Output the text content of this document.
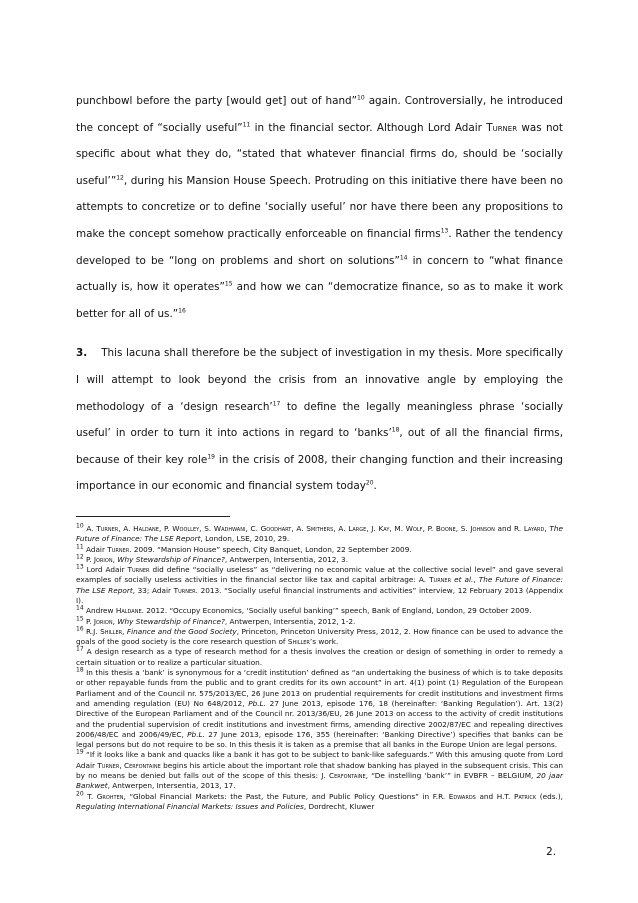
punchbowl before the party [would get] out of hand”$^{10}$ again. Controversially, he introduced the concept of “socially useful”$^{11}$ in the financial sector. Although Lord Adair Turner was not specific about what they do, “stated that whatever financial firms do, should be ‘socially useful’”$^{12}$, during his Mansion House Speech. Protruding on this initiative there have been no attempts to concretize or to define ‘socially useful’ nor have there been any propositions to make the concept somehow practically enforceable on financial firms$^{13}$. Rather the tendency developed to be “long on problems and short on solutions”$^{14}$ in concern to “what finance actually is, how it operates”$^{15}$ and how we can “democratize finance, so as to make it work better for all of us.”$^{16}$

3. This lacuna shall therefore be the subject of investigation in my thesis. More specifically I will attempt to look beyond the crisis from an innovative angle by employing the methodology of a ‘design research’$^{17}$ to define the legally meaningless phrase ‘socially useful’ in order to turn it into actions in regard to ‘banks’$^{18}$, out of all the financial firms, because of their key role$^{19}$ in the crisis of 2008, their changing function and their increasing importance in our economic and financial system today$^{20}$.

$^{10}$ A. Turner, A. Haldane, P. Woolley, S. Wadhwani, C. Goodhart, A. Smithers, A. Large, J. Kay, M. Wolf, P. Boone, S. Johnson and R. Layard, The Future of Finance: The LSE Report, London, LSE, 2010, 29.

$^{11}$ Adair Turner. 2009. “Mansion House” speech, City Banquet, London, 22 September 2009.

$^{12}$ P. Jorion, Why Stewardship of Finance?, Antwerpen, Intersentia, 2012, 3.

$^{13}$ Lord Adair Turner did define “socially useless” as “delivering no economic value at the collective social level” and gave several examples of socially useless activities in the financial sector like tax and capital arbitrage: A. Turner et al., The Future of Finance: The LSE Report, 33; Adair Turner. 2013. “Socially useful financial instruments and activities” interview, 12 February 2013 (Appendix I).

$^{14}$ Andrew Haldane. 2012. “Occupy Economics, ‘Socially useful banking’” speech, Bank of England, London, 29 October 2009.

$^{15}$ P. Jorion, Why Stewardship of Finance?, Antwerpen, Intersentia, 2012, 1-2.

$^{16}$ R.J. Shiller, Finance and the Good Society, Princeton, Princeton University Press, 2012, 2. How finance can be used to advance the goals of the good society is the core research question of Shiller’s work.

$^{17}$ A design research as a type of research method for a thesis involves the creation or design of something in order to remedy a certain situation or to realize a particular situation.

$^{18}$ In this thesis a ‘bank’ is synonymous for a ‘credit institution’ defined as “an undertaking the business of which is to take deposits or other repayable funds from the public and to grant credits for its own account” in art. 4(1) point (1) Regulation of the European Parliament and of the Council nr. 575/2013/EC, 26 June 2013 on prudential requirements for credit institutions and investment firms and amending regulation (EU) No 648/2012, Pb.L. 27 June 2013, episode 176, 18 (hereinafter: ‘Banking Regulation’). Art. 13(2) Directive of the European Parliament and of the Council nr. 2013/36/EU, 26 June 2013 on access to the activity of credit institutions and the prudential supervision of credit institutions and investment firms, amending directive 2002/87/EC and repealing directives 2006/48/EC and 2006/49/EC, Pb.L. 27 June 2013, episode 176, 355 (hereinafter: ‘Banking Directive’) specifies that banks can be legal persons but do not require to be so. In this thesis it is taken as a premise that all banks in the Europe Union are legal persons.

$^{19}$ “If it looks like a bank and quacks like a bank it has got to be subject to bank-like safeguards.” With this amusing quote from Lord Adair Turner, Cerfontaine begins his article about the important role that shadow banking has played in the subsequent crisis. This can by no means be denied but falls out of the scope of this thesis: J. Cerfontaine, “De instelling ‘bank’” in EVBFR – BELGIUM, 20 jaar Bankwet, Antwerpen, Intersentia, 2013, 17.

$^{20}$ T. Grohten, “Global Financial Markets: the Past, the Future, and Public Policy Questions” in F.R. Edwards and H.T. Patrick (eds.), Regulating International Financial Markets: Issues and Policies, Dordrecht, Kluwer

2.
